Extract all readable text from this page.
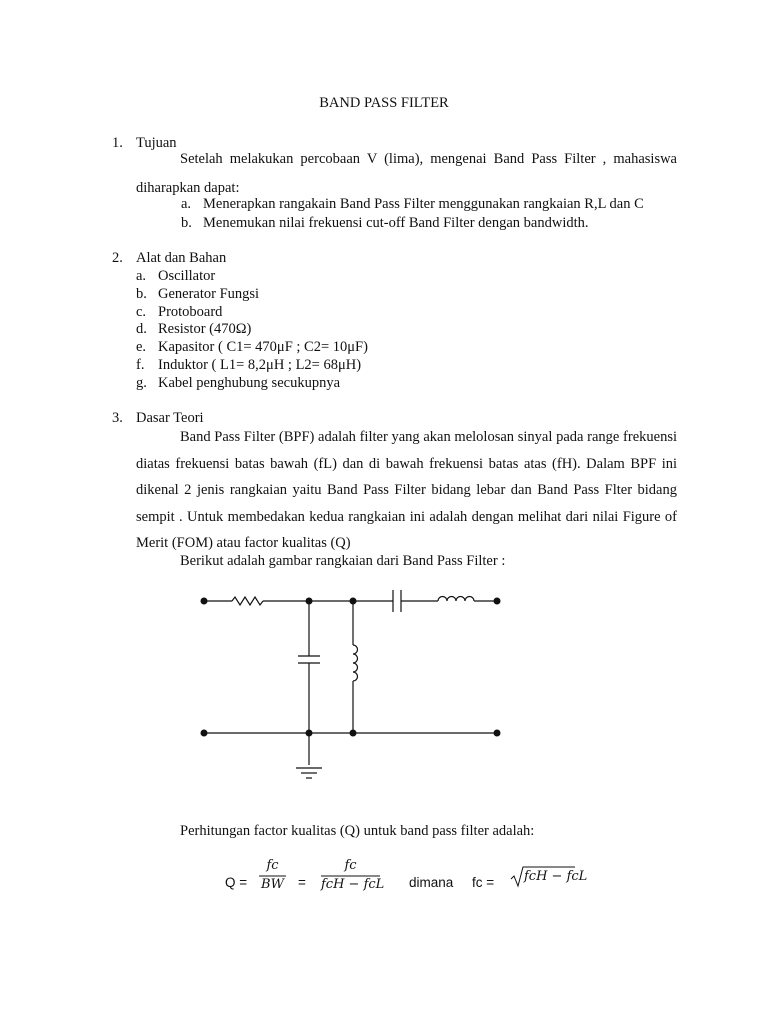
BAND PASS FILTER
1. Tujuan
Setelah melakukan percobaan V (lima), mengenai Band Pass Filter , mahasiswa
diharapkan dapat:
a. Menerapkan rangakain Band Pass Filter menggunakan rangkaian R,L dan C
b. Menemukan nilai frekuensi cut-off Band Filter dengan bandwidth.
2. Alat dan Bahan
a. Oscillator
b. Generator Fungsi
c. Protoboard
d. Resistor (470Ω)
e. Kapasitor ( C1= 470μF ; C2= 10μF)
f. Induktor ( L1= 8,2μH ; L2= 68μH)
g. Kabel penghubung secukupnya
3. Dasar Teori
Band Pass Filter (BPF) adalah filter yang akan melolosan sinyal pada range frekuensi diatas frekuensi batas bawah (fL) dan di bawah frekuensi batas atas (fH). Dalam BPF ini dikenal 2 jenis rangkaian yaitu Band Pass Filter bidang lebar dan Band Pass Flter bidang sempit . Untuk membedakan kedua rangkaian ini adalah dengan melihat dari nilai Figure of Merit (FOM) atau factor kualitas (Q)
Berikut adalah gambar rangkaian dari Band Pass Filter :
Perhitungan factor kualitas (Q) untuk band pass filter adalah:
Q =
fc
BW =
fc
fcH − fcL dimana fc = fcH − fcL
